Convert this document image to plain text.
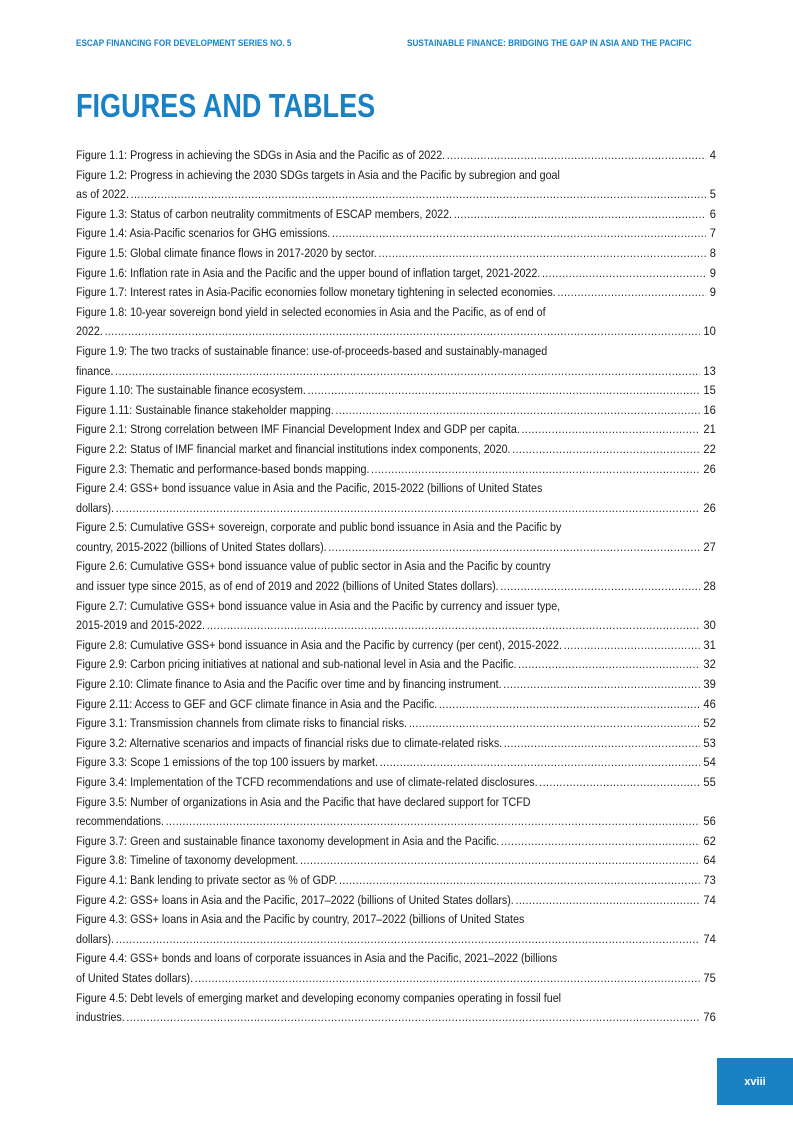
ESCAP FINANCING FOR DEVELOPMENT SERIES NO. 5	SUSTAINABLE FINANCE: BRIDGING THE GAP IN ASIA AND THE PACIFIC
FIGURES AND TABLES
Figure 1.1: Progress in achieving the SDGs in Asia and the Pacific as of 2022. . . .	4
Figure 1.2: Progress in achieving the 2030 SDGs targets in Asia and the Pacific by subregion and goal
as of 2022. . . .	5
Figure 1.3: Status of carbon neutrality commitments of ESCAP members, 2022. . . .	6
Figure 1.4: Asia-Pacific scenarios for GHG emissions. . . .	7
Figure 1.5: Global climate finance flows in 2017-2020 by sector. . . .	8
Figure 1.6: Inflation rate in Asia and the Pacific and the upper bound of inflation target, 2021-2022. . . .	9
Figure 1.7: Interest rates in Asia-Pacific economies follow monetary tightening in selected economies. . . .	9
Figure 1.8: 10-year sovereign bond yield in selected economies in Asia and the Pacific, as of end of
2022. . . .	10
Figure 1.9: The two tracks of sustainable finance: use-of-proceeds-based and sustainably-managed
finance. . . .	13
Figure 1.10: The sustainable finance ecosystem. . . .	15
Figure 1.11: Sustainable finance stakeholder mapping. . . .	16
Figure 2.1: Strong correlation between IMF Financial Development Index and GDP per capita. . . .	21
Figure 2.2: Status of IMF financial market and financial institutions index components, 2020. . . .	22
Figure 2.3: Thematic and performance-based bonds mapping. . . .	26
Figure 2.4: GSS+ bond issuance value in Asia and the Pacific, 2015-2022 (billions of United States
dollars). . . .	26
Figure 2.5: Cumulative GSS+ sovereign, corporate and public bond issuance in Asia and the Pacific by
country, 2015-2022 (billions of United States dollars). . . .	27
Figure 2.6: Cumulative GSS+ bond issuance value of public sector in Asia and the Pacific by country
and issuer type since 2015, as of end of 2019 and 2022 (billions of United States dollars). . . .	28
Figure 2.7: Cumulative GSS+ bond issuance value in Asia and the Pacific by currency and issuer type,
2015-2019 and 2015-2022. . . .	30
Figure 2.8: Cumulative GSS+ bond issuance in Asia and the Pacific by currency (per cent), 2015-2022. . . .	31
Figure 2.9: Carbon pricing initiatives at national and sub-national level in Asia and the Pacific. . . .	32
Figure 2.10: Climate finance to Asia and the Pacific over time and by financing instrument. . . .	39
Figure 2.11: Access to GEF and GCF climate finance in Asia and the Pacific. . . .	46
Figure 3.1: Transmission channels from climate risks to financial risks. . . .	52
Figure 3.2: Alternative scenarios and impacts of financial risks due to climate-related risks. . . .	53
Figure 3.3: Scope 1 emissions of the top 100 issuers by market. . . .	54
Figure 3.4: Implementation of the TCFD recommendations and use of climate-related disclosures. . . .	55
Figure 3.5: Number of organizations in Asia and the Pacific that have declared support for TCFD
recommendations. . . .	56
Figure 3.7: Green and sustainable finance taxonomy development in Asia and the Pacific. . . .	62
Figure 3.8: Timeline of taxonomy development. . . .	64
Figure 4.1: Bank lending to private sector as % of GDP. . . .	73
Figure 4.2: GSS+ loans in Asia and the Pacific, 2017–2022 (billions of United States dollars). . . .	74
Figure 4.3: GSS+ loans in Asia and the Pacific by country, 2017–2022 (billions of United States
dollars). . . .	74
Figure 4.4: GSS+ bonds and loans of corporate issuances in Asia and the Pacific, 2021–2022 (billions
of United States dollars). . . .	75
Figure 4.5: Debt levels of emerging market and developing economy companies operating in fossil fuel
industries. . . .	76
xviii
